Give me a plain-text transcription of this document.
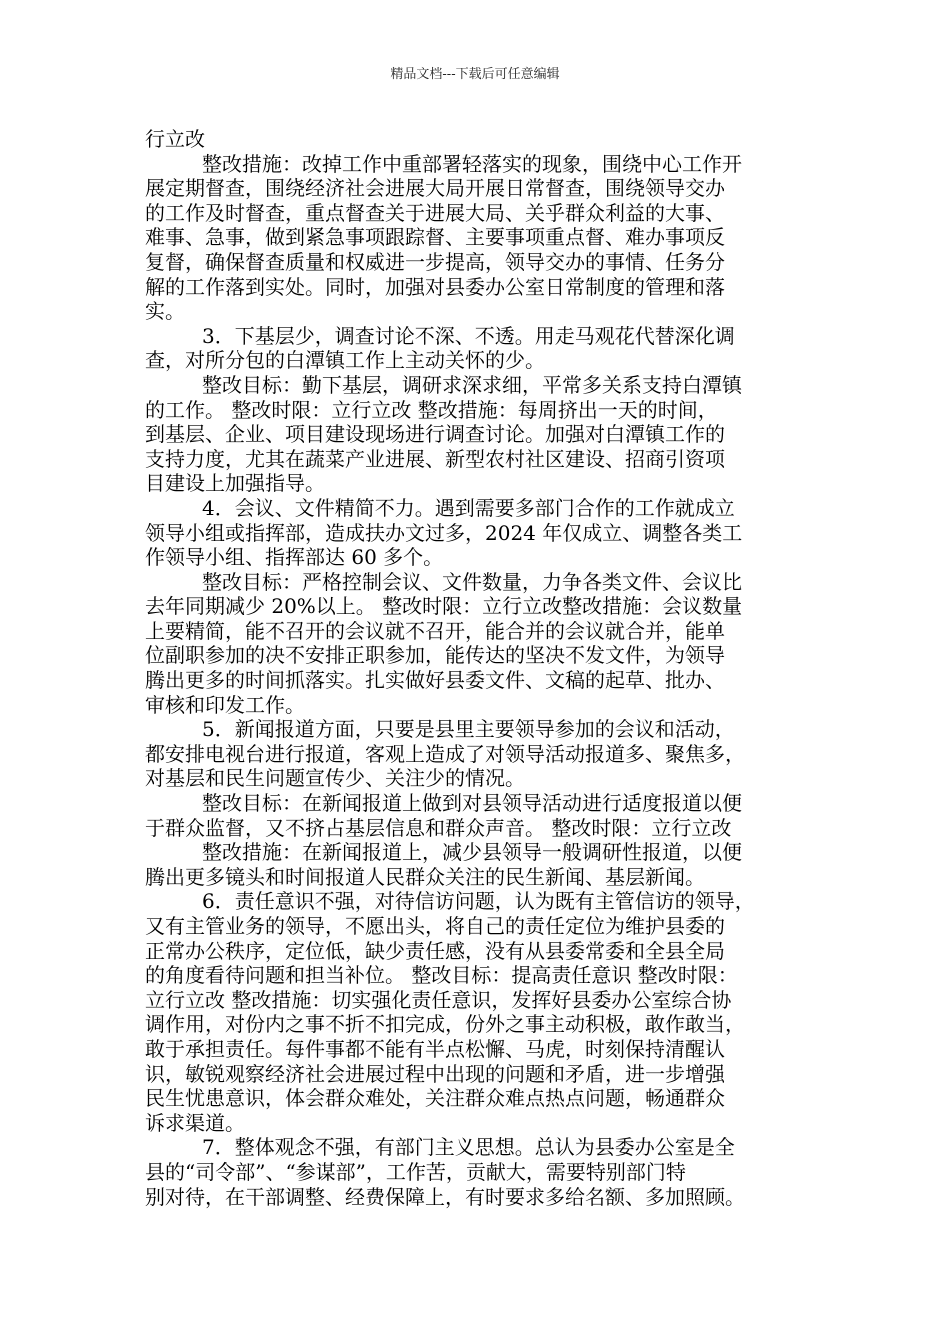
精品文档---下载后可任意编辑
行立改
整改措施：改掉工作中重部署轻落实的现象，围绕中心工作开
展定期督查，围绕经济社会进展大局开展日常督查，围绕领导交办
的工作及时督查，重点督查关于进展大局、关乎群众利益的大事、
难事、急事，做到紧急事项跟踪督、主要事项重点督、难办事项反
复督，确保督查质量和权威进一步提高，领导交办的事情、任务分
解的工作落到实处。同时，加强对县委办公室日常制度的管理和落
实。
3．下基层少，调查讨论不深、不透。用走马观花代替深化调
查，对所分包的白潭镇工作上主动关怀的少。
整改目标：勤下基层，调研求深求细，平常多关系支持白潭镇
的工作。 整改时限：立行立改 整改措施：每周挤出一天的时间，
到基层、企业、项目建设现场进行调查讨论。加强对白潭镇工作的
支持力度，尤其在蔬菜产业进展、新型农村社区建设、招商引资项
目建设上加强指导。
4．会议、文件精简不力。遇到需要多部门合作的工作就成立
领导小组或指挥部，造成扶办文过多，2024 年仅成立、调整各类工
作领导小组、指挥部达 60 多个。
整改目标：严格控制会议、文件数量，力争各类文件、会议比
去年同期减少 20%以上。 整改时限：立行立改整改措施：会议数量
上要精简，能不召开的会议就不召开，能合并的会议就合并，能单
位副职参加的决不安排正职参加，能传达的坚决不发文件，为领导
腾出更多的时间抓落实。扎实做好县委文件、文稿的起草、批办、
审核和印发工作。
5．新闻报道方面，只要是县里主要领导参加的会议和活动，
都安排电视台进行报道，客观上造成了对领导活动报道多、聚焦多，
对基层和民生问题宣传少、关注少的情况。
整改目标：在新闻报道上做到对县领导活动进行适度报道以便
于群众监督，又不挤占基层信息和群众声音。 整改时限：立行立改
整改措施：在新闻报道上，减少县领导一般调研性报道，以便
腾出更多镜头和时间报道人民群众关注的民生新闻、基层新闻。
6．责任意识不强，对待信访问题，认为既有主管信访的领导，
又有主管业务的领导，不愿出头，将自己的责任定位为维护县委的
正常办公秩序，定位低，缺少责任感，没有从县委常委和全县全局
的角度看待问题和担当补位。 整改目标：提高责任意识 整改时限：
立行立改 整改措施：切实强化责任意识，发挥好县委办公室综合协
调作用，对份内之事不折不扣完成，份外之事主动积极，敢作敢当，
敢于承担责任。每件事都不能有半点松懈、马虎，时刻保持清醒认
识，敏锐观察经济社会进展过程中出现的问题和矛盾，进一步增强
民生忧患意识，体会群众难处，关注群众难点热点问题，畅通群众
诉求渠道。
7．整体观念不强，有部门主义思想。总认为县委办公室是全
县的“司令部”、“参谋部”，工作苦，贡献大，需要特别部门特
别对待，在干部调整、经费保障上，有时要求多给名额、多加照顾。
